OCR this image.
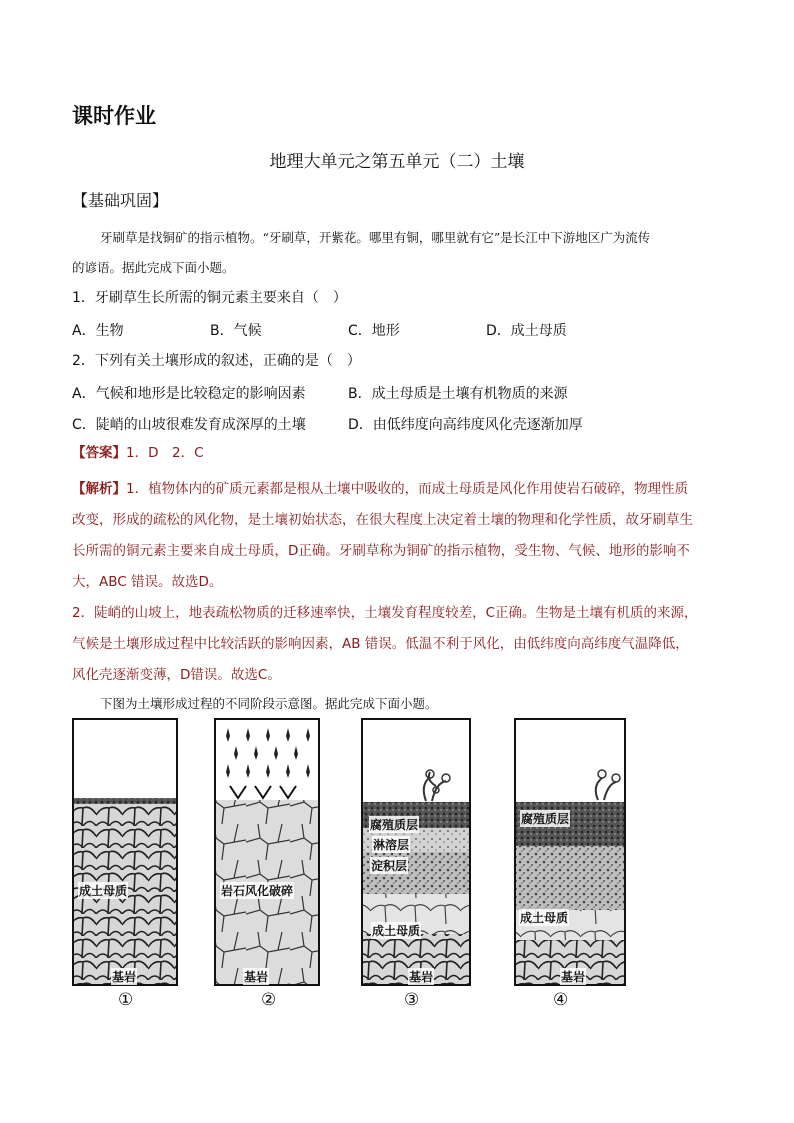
课时作业
地理大单元之第五单元（二）土壤
【基础巩固】
牙刷草是找铜矿的指示植物。“牙刷草，开紫花。哪里有铜，哪里就有它”是长江中下游地区广为流传
的谚语。据此完成下面小题。
1．牙刷草生长所需的铜元素主要来自（　）
A．生物	B．气候	C．地形	D．成土母质
2．下列有关土壤形成的叙述，正确的是（　）
A．气候和地形是比较稳定的影响因素	B．成土母质是土壤有机物质的来源
C．陡峭的山坡很难发育成深厚的土壤	D．由低纬度向高纬度风化壳逐渐加厚
【答案】1．D　2．C
【解析】1．植物体内的矿质元素都是根从土壤中吸收的，而成土母质是风化作用使岩石破碎，物理性质
改变，形成的疏松的风化物，是土壤初始状态，在很大程度上决定着土壤的物理和化学性质，故牙刷草生
长所需的铜元素主要来自成土母质，D正确。牙刷草称为铜矿的指示植物，受生物、气候、地形的影响不
大，ABC 错误。故选D。
2．陡峭的山坡上，地表疏松物质的迁移速率快，土壤发育程度较差，C正确。生物是土壤有机质的来源，
气候是土壤形成过程中比较活跃的影响因素，AB 错误。低温不利于风化，由低纬度向高纬度气温降低，
风化壳逐渐变薄，D错误。故选C。
下图为土壤形成过程的不同阶段示意图。据此完成下面小题。
成土母质
基岩
①
岩石风化破碎
基岩
②
腐殖质层
淋溶层
淀积层
成土母质
基岩
③
腐殖质层
成土母质
基岩
④
